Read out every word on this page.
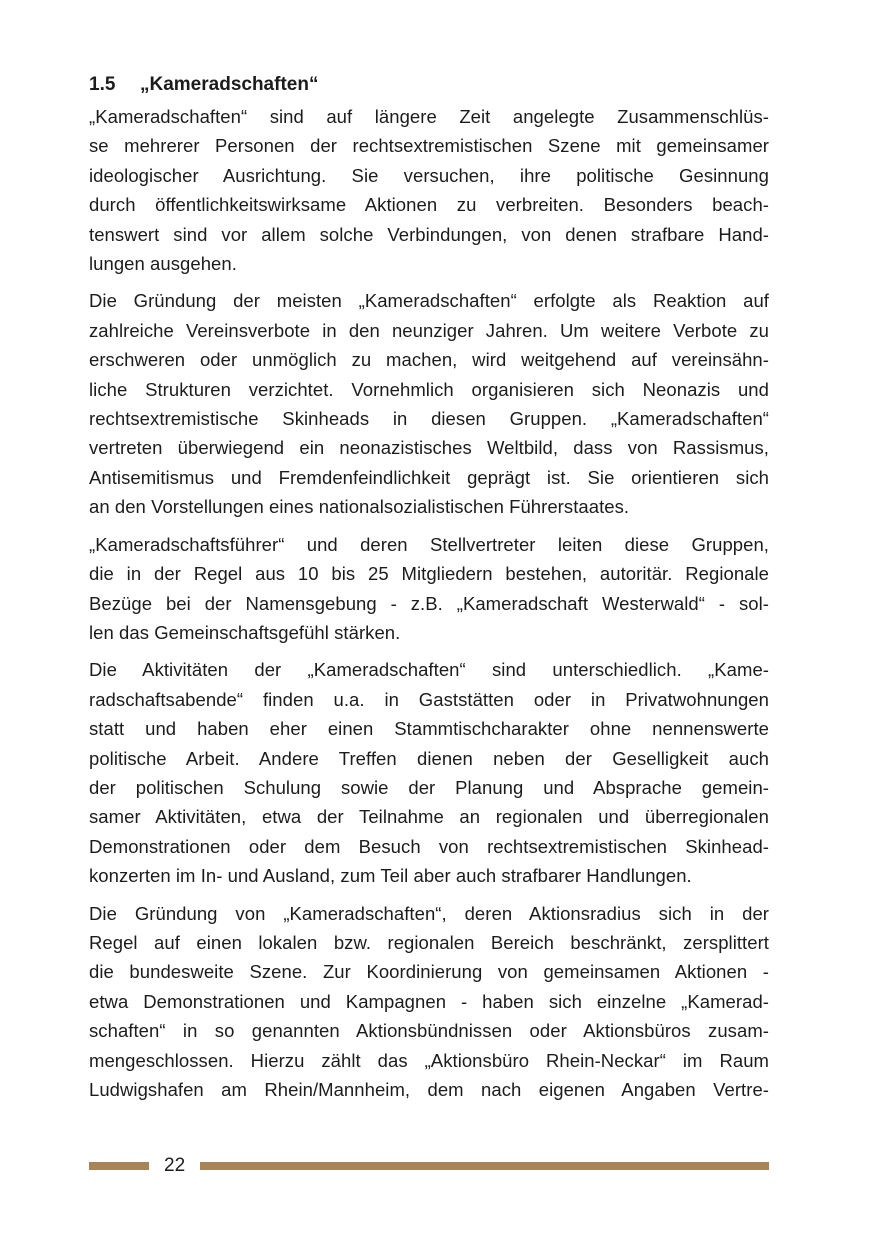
1.5	„Kameradschaften“

„Kameradschaften“ sind auf längere Zeit angelegte Zusammenschlüs-
se mehrerer Personen der rechtsextremistischen Szene mit gemeinsamer
ideologischer Ausrichtung. Sie versuchen, ihre politische Gesinnung
durch öffentlichkeitswirksame Aktionen zu verbreiten. Besonders beach-
tenswert sind vor allem solche Verbindungen, von denen strafbare Hand-
lungen ausgehen.

Die Gründung der meisten „Kameradschaften“ erfolgte als Reaktion auf
zahlreiche Vereinsverbote in den neunziger Jahren. Um weitere Verbote zu
erschweren oder unmöglich zu machen, wird weitgehend auf vereinsähn-
liche Strukturen verzichtet. Vornehmlich organisieren sich Neonazis und
rechtsextremistische Skinheads in diesen Gruppen. „Kameradschaften“
vertreten überwiegend ein neonazistisches Weltbild, dass von Rassismus,
Antisemitismus und Fremdenfeindlichkeit geprägt ist. Sie orientieren sich
an den Vorstellungen eines nationalsozialistischen Führerstaates.

„Kameradschaftsführer“ und deren Stellvertreter leiten diese Gruppen,
die in der Regel aus 10 bis 25 Mitgliedern bestehen, autoritär. Regionale
Bezüge bei der Namensgebung - z.B. „Kameradschaft Westerwald“ - sol-
len das Gemeinschaftsgefühl stärken.

Die Aktivitäten der „Kameradschaften“ sind unterschiedlich. „Kame-
radschaftsabende“ finden u.a. in Gaststätten oder in Privatwohnungen
statt und haben eher einen Stammtischcharakter ohne nennenswerte
politische Arbeit. Andere Treffen dienen neben der Geselligkeit auch
der politischen Schulung sowie der Planung und Absprache gemein-
samer Aktivitäten, etwa der Teilnahme an regionalen und überregionalen
Demonstrationen oder dem Besuch von rechtsextremistischen Skinhead-
konzerten im In- und Ausland, zum Teil aber auch strafbarer Handlungen.

Die Gründung von „Kameradschaften“, deren Aktionsradius sich in der
Regel auf einen lokalen bzw. regionalen Bereich beschränkt, zersplittert
die bundesweite Szene. Zur Koordinierung von gemeinsamen Aktionen -
etwa Demonstrationen und Kampagnen - haben sich einzelne „Kamerad-
schaften“ in so genannten Aktionsbündnissen oder Aktionsbüros zusam-
mengeschlossen. Hierzu zählt das „Aktionsbüro Rhein-Neckar“ im Raum
Ludwigshafen am Rhein/Mannheim, dem nach eigenen Angaben Vertre-

22
